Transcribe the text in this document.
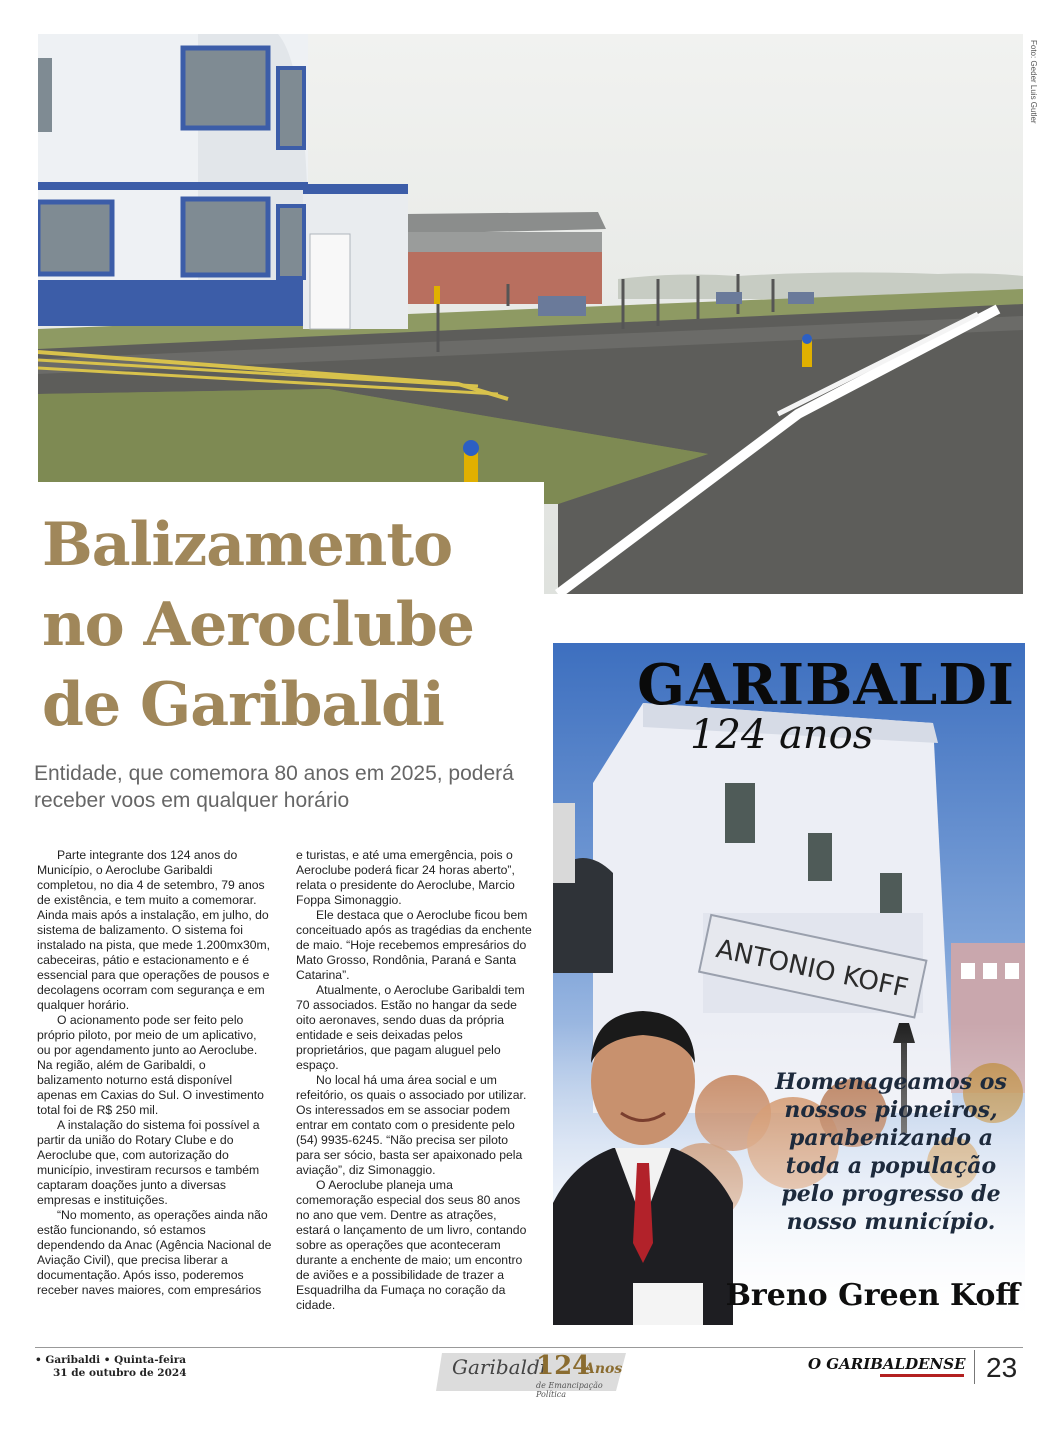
Foto: Geder Luis Gutler
Balizamento no Aeroclube de Garibaldi

Entidade, que comemora 80 anos em 2025, poderá receber voos em qualquer horário

Parte integrante dos 124 anos do Município, o Aeroclube Garibaldi completou, no dia 4 de setembro, 79 anos de existência, e tem muito a comemorar. Ainda mais após a instalação, em julho, do sistema de balizamento. O sistema foi instalado na pista, que mede 1.200mx30m, cabeceiras, pátio e estacionamento e é essencial para que operações de pousos e decolagens ocorram com segurança e em qualquer horário.

O acionamento pode ser feito pelo próprio piloto, por meio de um aplicativo, ou por agendamento junto ao Aeroclube. Na região, além de Garibaldi, o balizamento noturno está disponível apenas em Caxias do Sul. O investimento total foi de R$ 250 mil.

A instalação do sistema foi possível a partir da união do Rotary Clube e do Aeroclube que, com autorização do município, investiram recursos e também captaram doações junto a diversas empresas e instituições.

“No momento, as operações ainda não estão funcionando, só estamos dependendo da Anac (Agência Nacional de Aviação Civil), que precisa liberar a documentação. Após isso, poderemos receber naves maiores, com empresários

e turistas, e até uma emergência, pois o Aeroclube poderá ficar 24 horas aberto”, relata o presidente do Aeroclube, Marcio Foppa Simonaggio.

Ele destaca que o Aeroclube ficou bem conceituado após as tragédias da enchente de maio. “Hoje recebemos empresários do Mato Grosso, Rondônia, Paraná e Santa Catarina”.

Atualmente, o Aeroclube Garibaldi tem 70 associados. Estão no hangar da sede oito aeronaves, sendo duas da própria entidade e seis deixadas pelos proprietários, que pagam aluguel pelo espaço.

No local há uma área social e um refeitório, os quais o associado por utilizar. Os interessados em se associar podem entrar em contato com o presidente pelo (54) 9935-6245. “Não precisa ser piloto para ser sócio, basta ser apaixonado pela aviação”, diz Simonaggio.

O Aeroclube planeja uma comemoração especial dos seus 80 anos no ano que vem. Dentre as atrações, estará o lançamento de um livro, contando sobre as operações que aconteceram durante a enchente de maio; um encontro de aviões e a possibilidade de trazer a Esquadrilha da Fumaça no coração da cidade.

ANTONIO KOFF
GARIBALDI

124 anos

Homenageamos os nossos pioneiros, parabenizando a toda a população pelo progresso de nosso município.

Breno Green Koff

• Garibaldi • Quinta-feira
31 de outubro de 2024	Garibaldi
124
Anos
de Emancipação Política
O GARIBALDENSE 23
